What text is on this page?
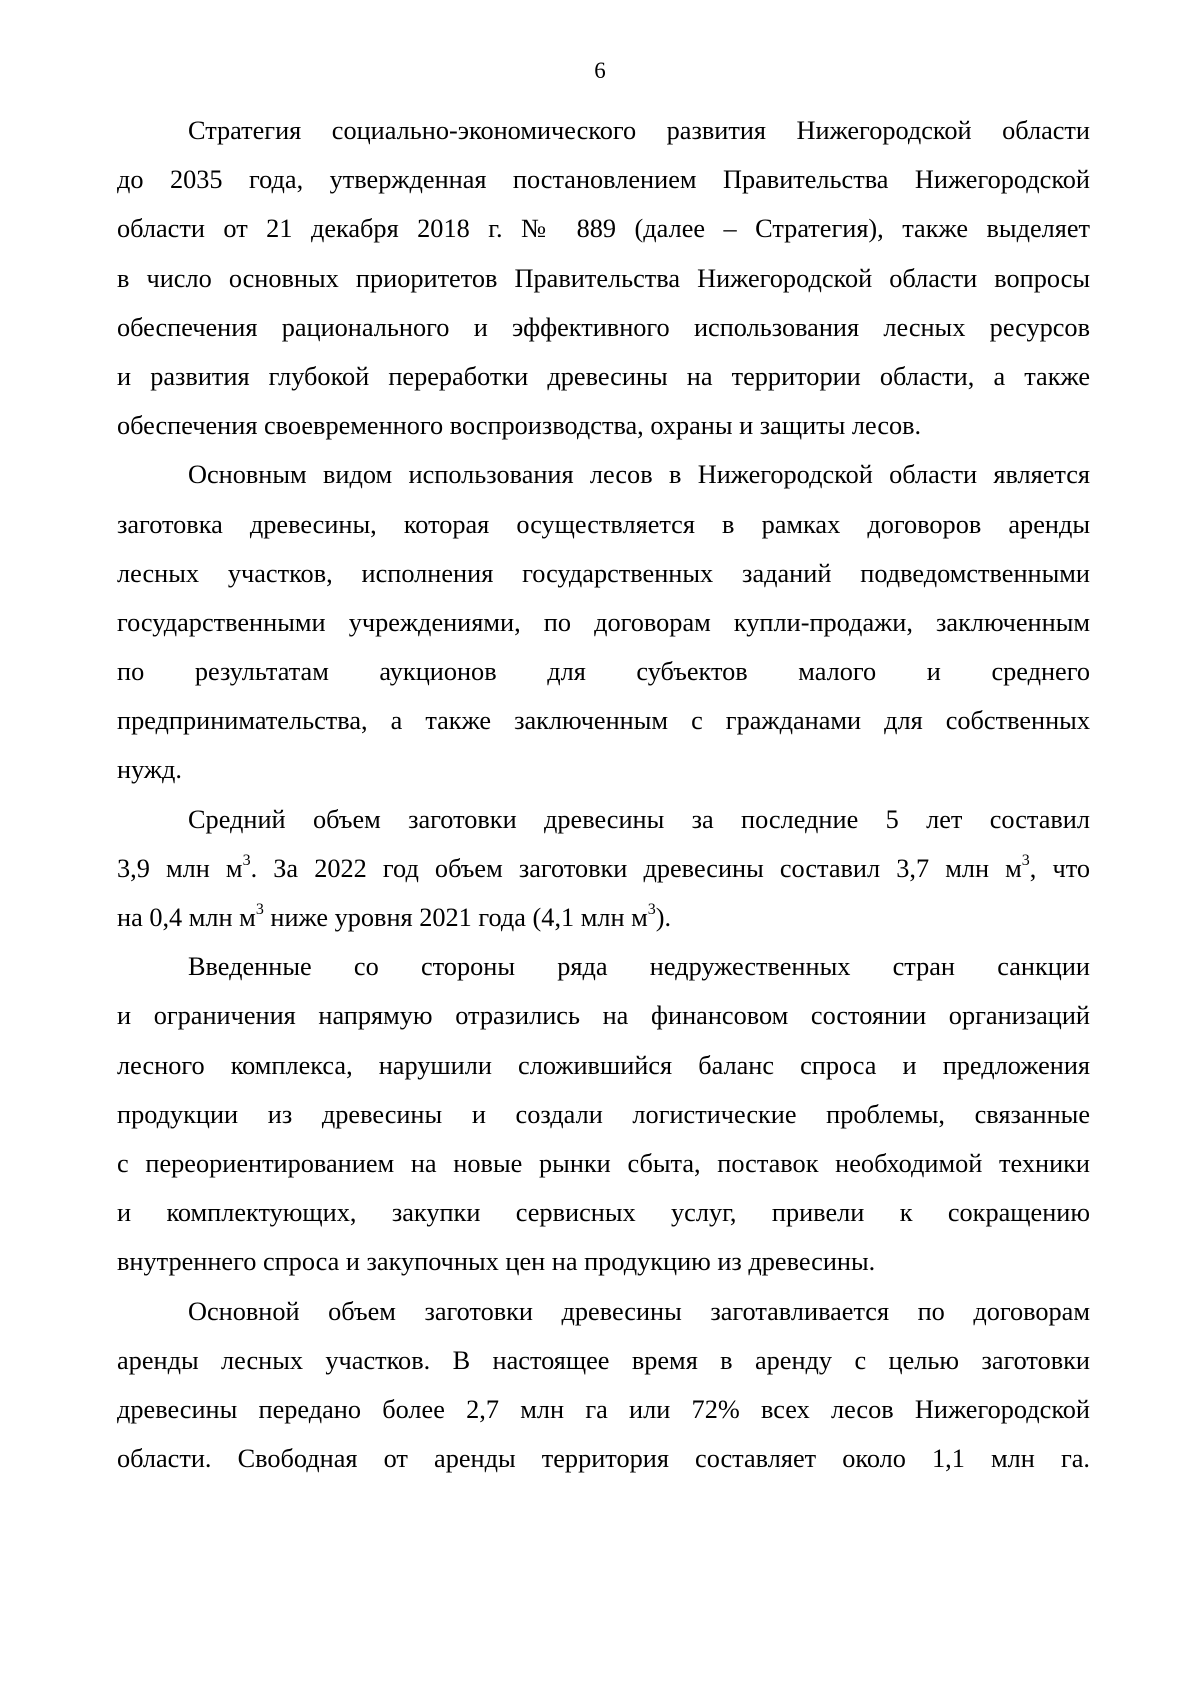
6
Стратегия социально-экономического развития Нижегородской области
до 2035 года, утвержденная постановлением Правительства Нижегородской
области от 21 декабря 2018 г. № 889 (далее – Стратегия), также выделяет
в число основных приоритетов Правительства Нижегородской области вопросы
обеспечения рационального и эффективного использования лесных ресурсов
и развития глубокой переработки древесины на территории области, а также
обеспечения своевременного воспроизводства, охраны и защиты лесов.
Основным видом использования лесов в Нижегородской области является
заготовка древесины, которая осуществляется в рамках договоров аренды
лесных участков, исполнения государственных заданий подведомственными
государственными учреждениями, по договорам купли-продажи, заключенным
по результатам аукционов для субъектов малого и среднего
предпринимательства, а также заключенным с гражданами для собственных
нужд.
Средний объем заготовки древесины за последние 5 лет составил
3,9 млн $м^3$. За 2022 год объем заготовки древесины составил 3,7 млн $м^3$, что
на 0,4 млн $м^3$ ниже уровня 2021 года (4,1 млн $м^3$).
Введенные со стороны ряда недружественных стран санкции
и ограничения напрямую отразились на финансовом состоянии организаций
лесного комплекса, нарушили сложившийся баланс спроса и предложения
продукции из древесины и создали логистические проблемы, связанные
с переориентированием на новые рынки сбыта, поставок необходимой техники
и комплектующих, закупки сервисных услуг, привели к сокращению
внутреннего спроса и закупочных цен на продукцию из древесины.
Основной объем заготовки древесины заготавливается по договорам
аренды лесных участков. В настоящее время в аренду с целью заготовки
древесины передано более 2,7 млн га или 72% всех лесов Нижегородской
области. Свободная от аренды территория составляет около 1,1 млн га.
